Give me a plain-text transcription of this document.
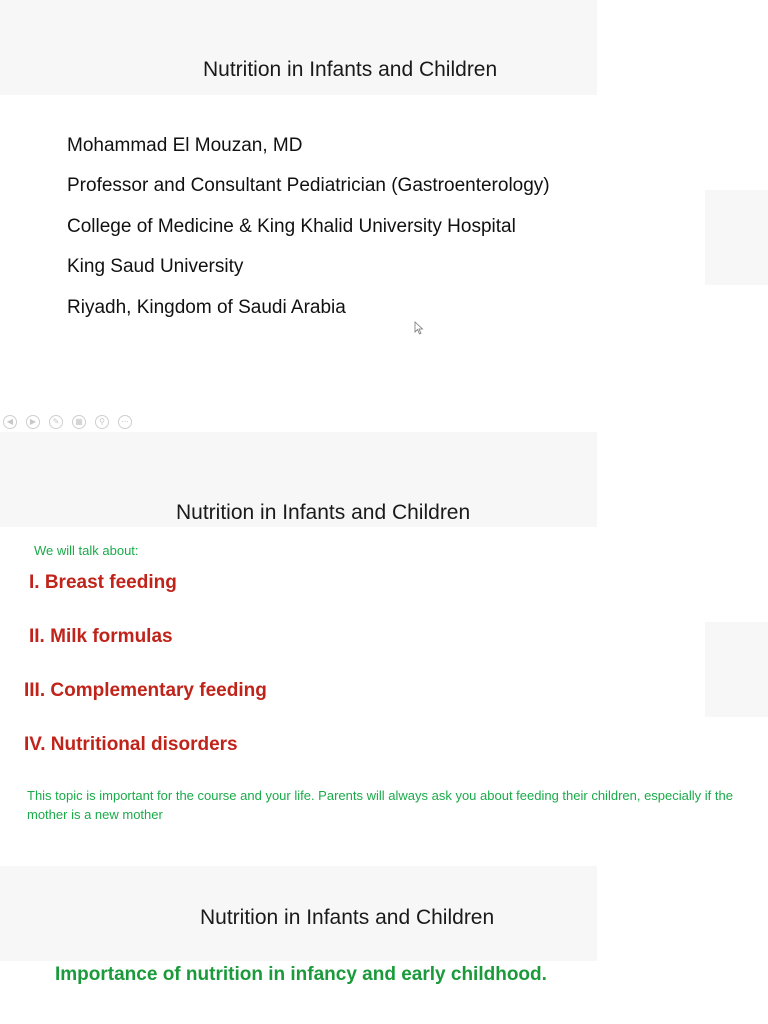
Nutrition in Infants and Children
Mohammad El Mouzan, MD
Professor and Consultant Pediatrician (Gastroenterology)
College of Medicine & King Khalid University Hospital
King Saud University
Riyadh, Kingdom of Saudi Arabia
◀	▶	✎	▦	⚲	⋯
Nutrition in Infants and Children
We will talk about:
I. Breast feeding
II. Milk formulas
III. Complementary feeding
IV. Nutritional disorders
This topic is important for the course and your life. Parents will always ask you about feeding their children, especially if the mother is a new mother
Nutrition in Infants and Children
Importance of nutrition in infancy and early childhood.
